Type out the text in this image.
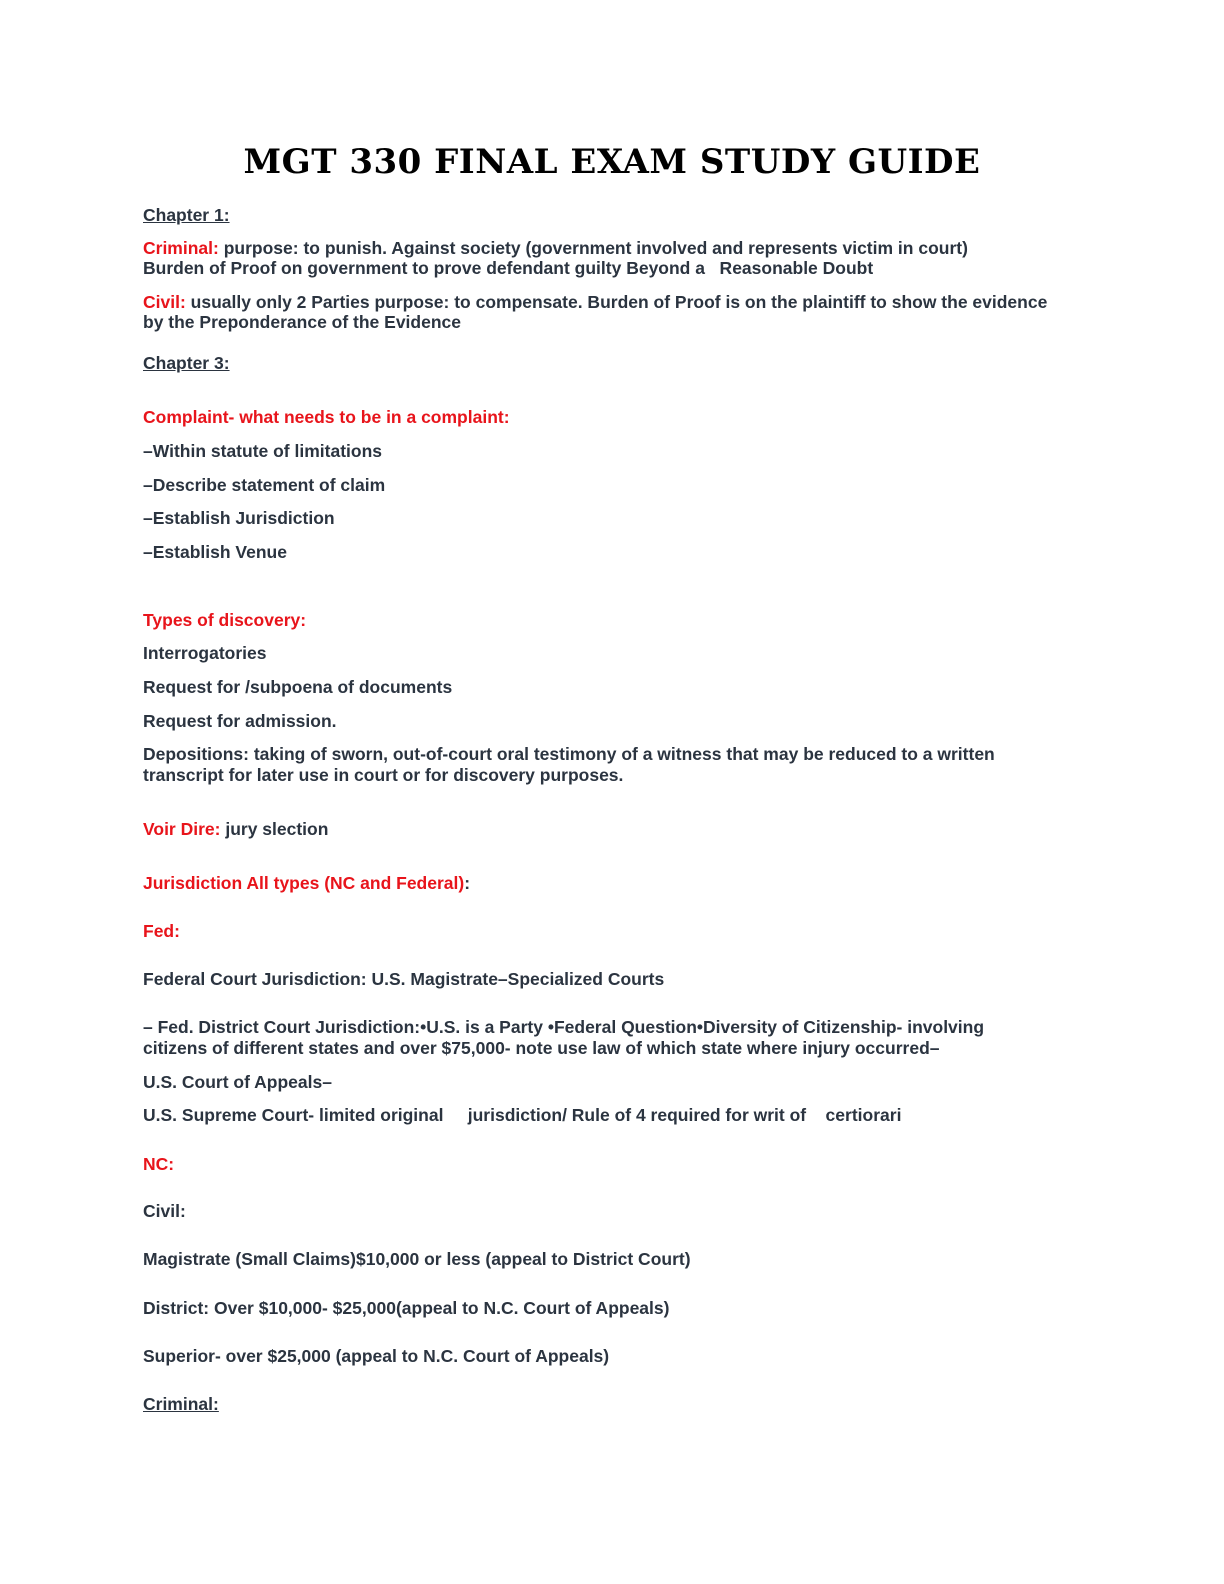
MGT 330 FINAL EXAM STUDY GUIDE
Chapter 1:
Criminal: purpose: to punish. Against society (government involved and represents victim in court)
Burden of Proof on government to prove defendant guilty Beyond a   Reasonable Doubt
Civil: usually only 2 Parties purpose: to compensate. Burden of Proof is on the plaintiff to show the evidence
by the Preponderance of the Evidence
Chapter 3:
Complaint- what needs to be in a complaint:
–Within statute of limitations
–Describe statement of claim
–Establish Jurisdiction
–Establish Venue
Types of discovery:
Interrogatories
Request for /subpoena of documents
Request for admission.
Depositions: taking of sworn, out-of-court oral testimony of a witness that may be reduced to a written
transcript for later use in court or for discovery purposes.
Voir Dire: jury slection
Jurisdiction All types (NC and Federal):
Fed:
Federal Court Jurisdiction: U.S. Magistrate–Specialized Courts
– Fed. District Court Jurisdiction:•U.S. is a Party •Federal Question•Diversity of Citizenship- involving
citizens of different states and over $75,000- note use law of which state where injury occurred–
U.S. Court of Appeals–
U.S. Supreme Court- limited original     jurisdiction/ Rule of 4 required for writ of    certiorari
NC:
Civil:
Magistrate (Small Claims)$10,000 or less (appeal to District Court)
District: Over $10,000- $25,000(appeal to N.C. Court of Appeals)
Superior- over $25,000 (appeal to N.C. Court of Appeals)
Criminal:
